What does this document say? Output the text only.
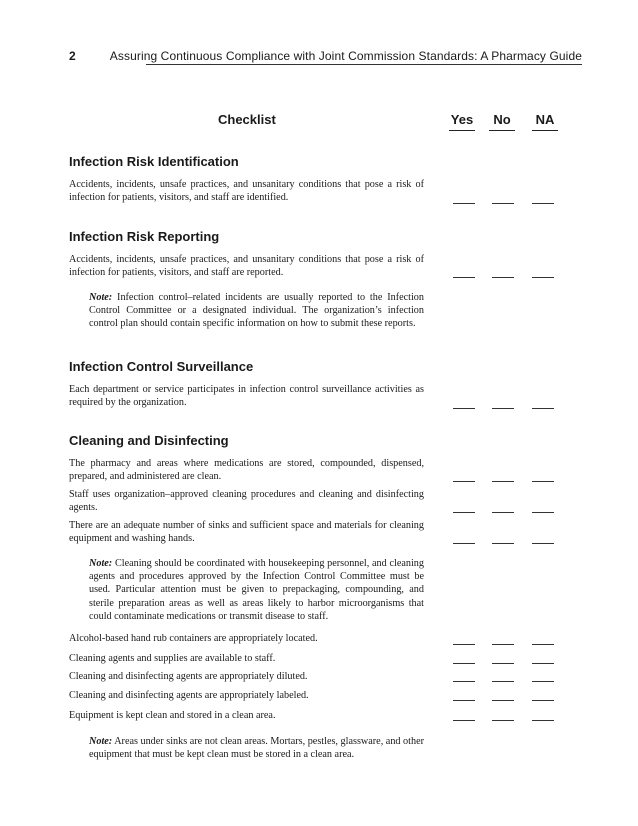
2	Assuring Continuous Compliance with Joint Commission Standards: A Pharmacy Guide
Checklist	Yes	No	NA
Infection Risk Identification

Accidents, incidents, unsafe practices, and unsanitary conditions that pose a risk of infection for patients, visitors, and staff are identified.

Infection Risk Reporting

Accidents, incidents, unsafe practices, and unsanitary conditions that pose a risk of infection for patients, visitors, and staff are reported.

Note: Infection control–related incidents are usually reported to the Infection Control Committee or a designated individual. The organization’s infection control plan should contain specific information on how to submit these reports.

Infection Control Surveillance

Each department or service participates in infection control surveillance activities as required by the organization.

Cleaning and Disinfecting

The pharmacy and areas where medications are stored, compounded, dispensed, prepared, and administered are clean.

Staff uses organization–approved cleaning procedures and cleaning and disinfecting agents.

There are an adequate number of sinks and sufficient space and materials for cleaning equipment and washing hands.

Note: Cleaning should be coordinated with housekeeping personnel, and cleaning agents and procedures approved by the Infection Control Committee must be used. Particular attention must be given to prepackaging, compounding, and sterile preparation areas as well as areas likely to harbor microorganisms that could contaminate medications or transmit disease to staff.

Alcohol-based hand rub containers are appropriately located.

Cleaning agents and supplies are available to staff.

Cleaning and disinfecting agents are appropriately diluted.

Cleaning and disinfecting agents are appropriately labeled.

Equipment is kept clean and stored in a clean area.

Note: Areas under sinks are not clean areas. Mortars, pestles, glassware, and other equipment that must be kept clean must be stored in a clean area.
